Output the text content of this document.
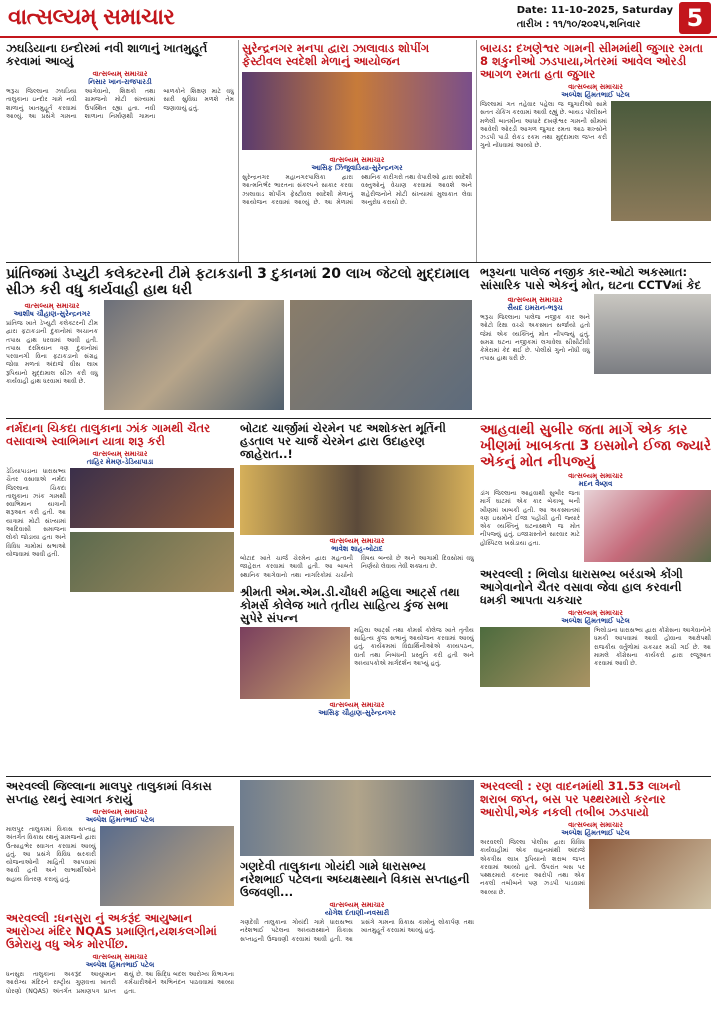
વાત્સલ્યમ્ સમાચાર	Date: 11-10-2025, Saturday
તારીખ : ૧૧/૧૦/૨૦૨૫,શનિવાર	5
ઝઘડિયાના ઇન્દોરમાં નવી શાળાનું ખાતમુહૂર્ત કરવામાં આવ્યું
વાત્સલ્યમ્ સમાચાર
નિસાર ખાન-રાજપારડી
ભરૂચ જિલ્લાના ઝઘડિયા તાલુકાના ઇન્દોર ગામે નવી શાળાનું ખાતમુહૂર્ત કરવામાં આવ્યું. આ પ્રસંગે ગામના આગેવાનો, શિક્ષકો તથા ગ્રામજનો મોટી સંખ્યામાં ઉપસ્થિત રહ્યા હતા. નવી શાળાના નિર્માણથી ગામના બાળકોને શિક્ષણ માટે વધુ સારી સુવિધા મળશે તેમ જણાવાયું હતું.
સુરેન્દ્રનગર મનપા દ્વારા ઝાલાવાડ શોપીંગ ફેસ્ટીવલ સ્વદેશી મેળાનું આયોજન
વાત્સલ્યમ્ સમાચાર
આસિફ ઝિંજુવાડિયા-સુરેન્દ્રનગર
સુરેન્દ્રનગર મહાનગરપાલિકા દ્વારા આત્મનિર્ભર ભારતના સંકલ્પને સાકાર કરવા ઝાલાવાડ શોપીંગ ફેસ્ટીવલ સ્વદેશી મેળાનું આયોજન કરવામાં આવ્યું છે. આ મેળામાં સ્થાનિક કારીગરો તથા વેપારીઓ દ્વારા સ્વદેશી વસ્તુઓનું વેચાણ કરવામાં આવશે અને શહેરીજનોને મોટી સંખ્યામાં મુલાકાત લેવા અનુરોધ કરાયો છે.
બાયડ: દખણેશ્વર ગામની સીમમાંથી જુગાર રમતા 8 શકુનીઓ ઝડપાયા,ખેતરમાં આવેલ ઓરડી આગળ રમતા હતા જુગાર
વાત્સલ્યમ્ સમાચાર
અલ્પેશ હિંમતભાઈ પટેલ
જિલ્લામાં ગત તહેવાર પહેલા જ જુગારીઓ સામે સતત ચેકિંગ કરવામાં આવી રહ્યું છે. બાયડ પોલીસને મળેલી બાતમીના આધારે દખણેશ્વર ગામની સીમમાં આવેલી ઓરડી આગળ જુગાર રમતા આઠ શખ્સોને ઝડપી પાડી રોકડ રકમ તથા મુદ્દામાલ જપ્ત કરી ગુનો નોંધવામાં આવ્યો છે.
પ્રાંતિજમાં ડેપ્યુટી કલેક્ટરની ટીમે ફટાકડાની 3 દુકાનમાં 20 લાખ જેટલો મુદ્દામાલ સીઝ કરી વધુ કાર્યવાહી હાથ ધરી
વાત્સલ્યમ્ સમાચાર
આશીષ ચૌહાણ-સુરેન્દ્રનગર
પ્રાંતિજ ખાતે ડેપ્યુટી કલેક્ટરની ટીમ દ્વારા ફટાકડાની દુકાનોમાં અચાનક તપાસ હાથ ધરવામાં આવી હતી. તપાસ દરમિયાન ત્રણ દુકાનોમાં પરવાનગી વિના ફટાકડાનો સંગ્રહ જોવા મળતાં અંદાજે વીસ લાખ રૂપિયાનો મુદ્દામાલ સીઝ કરી વધુ કાર્યવાહી હાથ ધરવામાં આવી છે.
ભરૂચના પાલેજ નજીક કાર-ઓટો અકસ્માત: સાંસારિક પાસે એકનું મોત, ઘટના CCTVમાં કેદ
વાત્સલ્યમ્ સમાચાર
સૈયદ ઇમરાન-ભરૂચ
ભરૂચ જિલ્લાના પાલેજ નજીક કાર અને ઓટો રિક્ષા વચ્ચે અકસ્માત સર્જાયો હતો જેમાં એક વ્યક્તિનું મોત નીપજ્યું હતું. સમગ્ર ઘટના નજીકમાં લગાવેલા સીસીટીવી કેમેરામાં કેદ થઈ છે. પોલીસે ગુનો નોંધી વધુ તપાસ હાથ ધરી છે.
નર્મદાના ચિકદા તાલુકાના ઝાંક ગામથી ચૈતર વસાવાએ સ્વાભિમાન યાત્રા શરૂ કરી
વાત્સલ્યમ્ સમાચાર
તાહિર મેમણ-ડેડિયાપાડા
ડેડિયાપાડાના ધારાસભ્ય ચૈતર વસાવાએ નર્મદા જિલ્લાના ચિકદા તાલુકાના ઝાંક ગામથી સ્વાભિમાન યાત્રાની શરૂઆત કરી હતી. આ યાત્રામાં મોટી સંખ્યામાં આદિવાસી સમાજના લોકો જોડાયા હતા અને વિવિધ ગામોમાં સભાઓ યોજવામાં આવી હતી.
બોટાદ ચાર્જીમાં ચેરમેન પદ અશોકસ્ત મૂર્તિની હડતાલ પર ચાર્જ ચેરમેન દ્વારા ઉદાહરણ જાહેરાત..!
વાત્સલ્યમ્ સમાચાર
ભાવેશ શાહ-બોટાદ
બોટાદ ખાતે ચાર્જ ચેરમેન દ્વારા મહત્વની જાહેરાત કરવામાં આવી હતી. આ બાબતે સ્થાનિક આગેવાનો તથા નાગરિકોમાં ચર્ચાનો વિષય બન્યો છે અને આગામી દિવસોમાં વધુ નિર્ણયો લેવાય તેવી શક્યતા છે.
શ્રીમતી એમ.એમ.ડી.ચૌધરી મહિલા આર્ટ્સ તથા કોમર્સ કોલેજ ખાતે તૃતીય સાહિત્ય કુંજ સભા સુપેરે સંપન્ન
મહિલા આર્ટ્સ તથા કોમર્સ કોલેજ ખાતે તૃતીય સાહિત્ય કુંજ સભાનું આયોજન કરવામાં આવ્યું હતું. કાર્યક્રમમાં વિદ્યાર્થિનીઓએ કાવ્યપઠન, વાર્તા તથા નિબંધની પ્રસ્તુતિ કરી હતી અને અધ્યાપકોએ માર્ગદર્શન આપ્યું હતું.
વાત્સલ્યમ્ સમાચાર
આસિફ ચૌહાણ-સુરેન્દ્રનગર
આહવાથી સુબીર જતા માર્ગે એક કાર ખીણમાં ખાબકતા 3 ઇસમોને ઈજા જ્યારે એકનું મોત નીપજ્યું
વાત્સલ્યમ્ સમાચાર
મદન વૈષ્ણવ
ડાંગ જિલ્લાના આહવાથી સુબીર જતા માર્ગે ઘાટમાં એક કાર બેકાબૂ બની ખીણમાં ખાબકી હતી. આ અકસ્માતમાં ત્રણ ઇસમોને ઈજા પહોંચી હતી જ્યારે એક વ્યક્તિનું ઘટનાસ્થળે જ મોત નીપજ્યું હતું. ઇજાગ્રસ્તોને સારવાર માટે હોસ્પિટલ ખસેડાયા હતા.
અરવલ્લી : ભિલોડા ધારાસભ્ય બરંડાએ કોંગી આગેવાનોને ચૈતર વસાવા જેવા હાલ કરવાની ધમકી આપતા ચકચાર
વાત્સલ્યમ્ સમાચાર
અલ્પેશ હિંમતભાઈ પટેલ
ભિલોડાના ધારાસભ્ય દ્વારા કોંગ્રેસના આગેવાનોને ધમકી આપવામાં આવી હોવાના આક્ષેપથી રાજકીય વર્તુળોમાં ચકચાર મચી ગઈ છે. આ મામલે કોંગ્રેસના કાર્યકરો દ્વારા રજૂઆત કરવામાં આવી છે.
અરવલ્લી જિલ્લાના માલપુર તાલુકામાં વિકાસ સપ્તાહ રથનું સ્વાગત કરાયું
વાત્સલ્યમ્ સમાચાર
અલ્પેશ હિંમતભાઈ પટેલ
માલપુર તાલુકામાં વિકાસ સપ્તાહ અંતર્ગત વિકાસ રથનું ગ્રામજનો દ્વારા ઉત્સાહભેર સ્વાગત કરવામાં આવ્યું હતું. આ પ્રસંગે વિવિધ સરકારી યોજનાઓની માહિતી આપવામાં આવી હતી અને લાભાર્થીઓને સહાય વિતરણ કરાયું હતું.
અરવલ્લી :ધનસુરા નું અકરૂંદ આયુષ્માન આરોગ્ય મંદિર NQAS પ્રમાણિત,યશકલગીમાં ઉમેરાયુ વધુ એક મોરપીંછ.
વાત્સલ્યમ્ સમાચાર
અલ્પેશ હિંમતભાઈ પટેલ
ધનસુરા તાલુકાના અકરૂંદ આયુષ્માન આરોગ્ય મંદિરને રાષ્ટ્રીય ગુણવત્તા ખાતરી ધોરણો (NQAS) અંતર્ગત પ્રમાણપત્ર પ્રાપ્ત થયું છે. આ સિદ્ધિ બદલ આરોગ્ય વિભાગના કર્મચારીઓને અભિનંદન પાઠવવામાં આવ્યા હતા.
ગણદેવી તાલુકાના ગોયંદી ગામે ધારાસભ્ય નરેશભાઈ પટેલના અધ્યક્ષસ્થાને વિકાસ સપ્તાહની ઉજવણી...
વાત્સલ્યમ્ સમાચાર
યોગેશ દંતાણી-નવસારી
ગણદેવી તાલુકાના ગોયંદી ગામે ધારાસભ્ય નરેશભાઈ પટેલના અધ્યક્ષસ્થાને વિકાસ સપ્તાહની ઉજવણી કરવામાં આવી હતી. આ પ્રસંગે ગામના વિકાસ કામોનું લોકાર્પણ તથા ખાતમુહૂર્ત કરવામાં આવ્યું હતું.
અરવલ્લી : રણ વાદનમાંથી 31.53 લાખનો શરાબ જપ્ત, બસ પર પથ્થરમારો કરનાર આરોપી,એક નકલી તબીબ ઝડપાયો
વાત્સલ્યમ્ સમાચાર
અલ્પેશ હિંમતભાઈ પટેલ
અરવલ્લી જિલ્લા પોલીસ દ્વારા વિવિધ કાર્યવાહીમાં એક વાહનમાંથી અંદાજે એકત્રીસ લાખ રૂપિયાનો શરાબ જપ્ત કરવામાં આવ્યો હતો. ઉપરાંત બસ પર પથ્થરમારો કરનાર આરોપી તથા એક નકલી તબીબને પણ ઝડપી પાડવામાં આવ્યા છે.
